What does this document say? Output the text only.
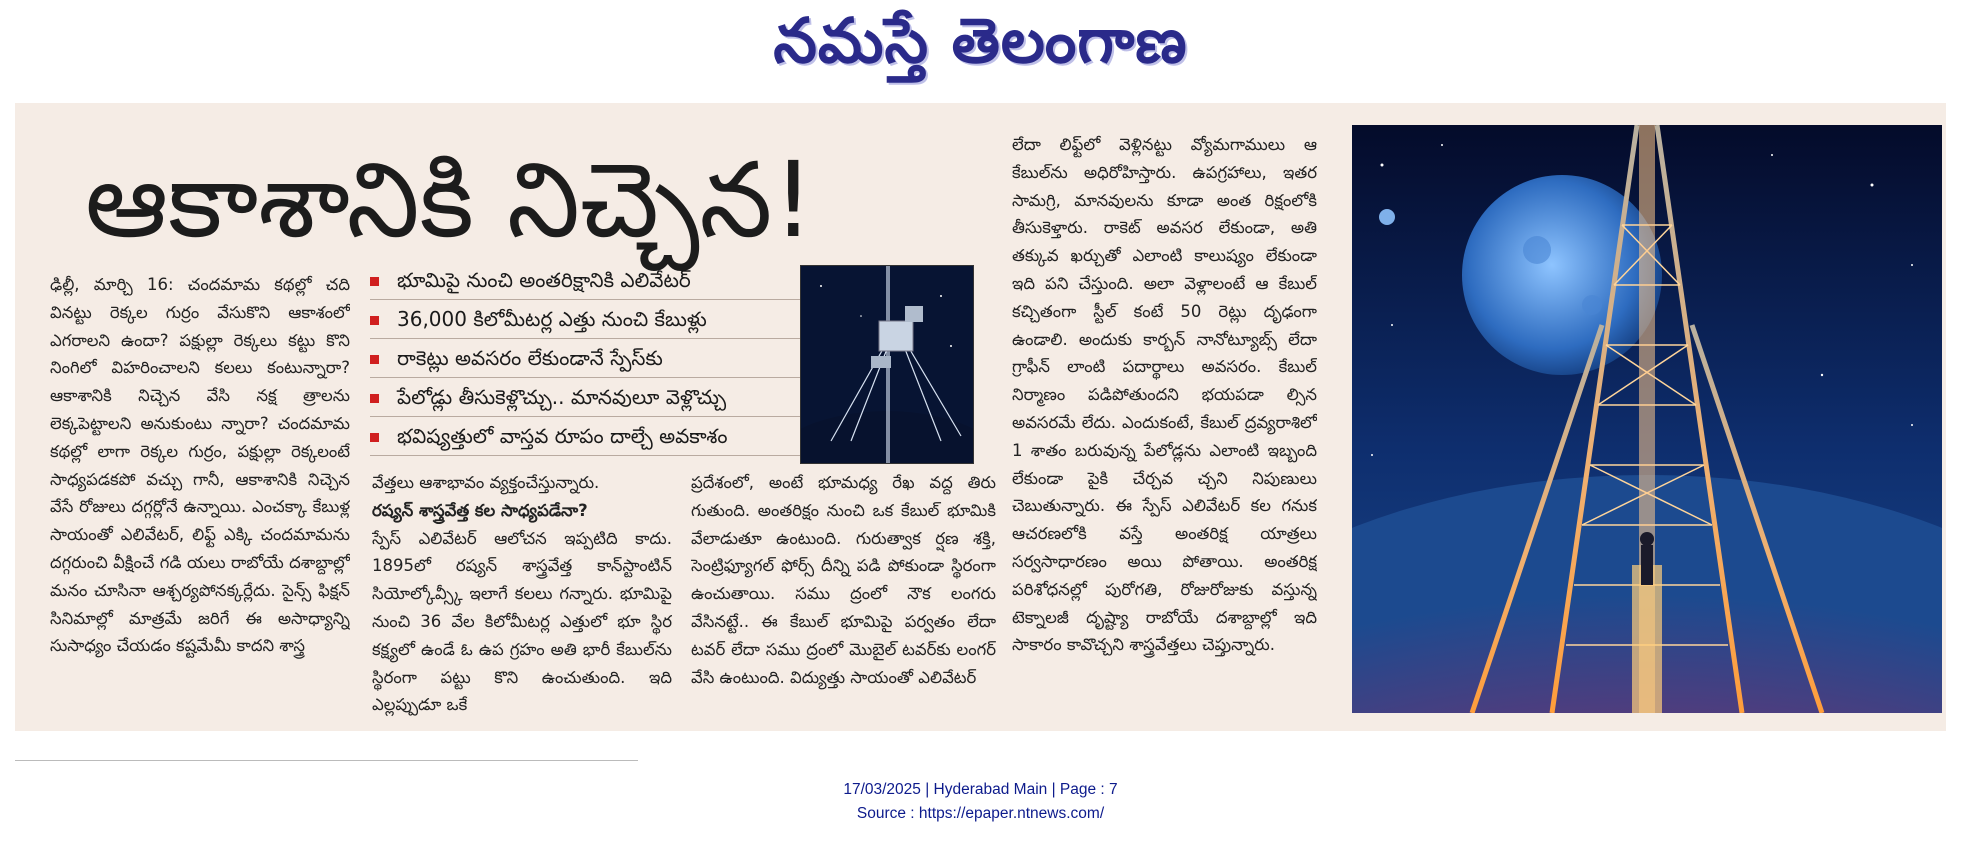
నమస్తే తెలంగాణ
ఆకాశానికి నిచ్చెన!
భూమిపై నుంచి అంతరిక్షానికి ఎలివేటర్
36,000 కిలోమీటర్ల ఎత్తు నుంచి కేబుళ్లు
రాకెట్లు అవసరం లేకుండానే స్పేస్‌కు
పేలోడ్లు తీసుకెళ్లొచ్చు.. మానవులూ వెళ్లొచ్చు
భవిష్యత్తులో వాస్తవ రూపం దాల్చే అవకాశం

ఢిల్లీ, మార్చి 16: చందమామ కథల్లో చది వినట్టు రెక్కల గుర్రం వేసుకొని ఆకాశంలో ఎగరాలని ఉందా? పక్షుల్లా రెక్కలు కట్టు కొని నింగిలో విహరించాలని కలలు కంటున్నారా? ఆకాశానికి నిచ్చెన వేసి నక్ష త్రాలను లెక్కపెట్టాలని అనుకుంటు న్నారా? చందమామ కథల్లో లాగా రెక్కల గుర్రం, పక్షుల్లా రెక్కలంటే సాధ్యపడకపో వచ్చు గానీ, ఆకాశానికి నిచ్చెన వేసే రోజులు దగ్గర్లోనే ఉన్నాయి. ఎంచక్కా కేబుళ్ల సాయంతో ఎలివేటర్, లిఫ్ట్ ఎక్కి చందమామను దగ్గరుంచి వీక్షించే గడి యలు రాబోయే దశాబ్దాల్లో మనం చూసినా ఆశ్చర్యపోనక్కర్లేదు. సైన్స్ ఫిక్షన్ సినిమాల్లో మాత్రమే జరిగే ఈ అసాధ్యాన్ని సుసాధ్యం చేయడం కష్టమేమీ కాదని శాస్త్ర

వేత్తలు ఆశాభావం వ్యక్తంచేస్తున్నారు.

రష్యన్ శాస్త్రవేత్త కల సాధ్యపడేనా?

స్పేస్ ఎలివేటర్ ఆలోచన ఇప్పటిది కాదు. 1895లో రష్యన్ శాస్త్రవేత్త కాన్‌స్టాంటిన్ సియోల్కోవ్స్కీ ఇలాగే కలలు గన్నారు. భూమిపై నుంచి 36 వేల కిలోమీటర్ల ఎత్తులో భూ స్థిర కక్ష్యలో ఉండే ఓ ఉప గ్రహం అతి భారీ కేబుల్‌ను స్థిరంగా పట్టు కొని ఉంచుతుంది. ఇది ఎల్లప్పుడూ ఒకే

ప్రదేశంలో, అంటే భూమధ్య రేఖ వద్ద తిరు గుతుంది. అంతరిక్షం నుంచి ఒక కేబుల్ భూమికి వేలాడుతూ ఉంటుంది. గురుత్వాక ర్షణ శక్తి, సెంట్రిఫ్యూగల్ ఫోర్స్ దీన్ని పడి పోకుండా స్థిరంగా ఉంచుతాయి. సము ద్రంలో నౌక లంగరు వేసినట్టే.. ఈ కేబుల్ భూమిపై పర్వతం లేదా టవర్ లేదా సము ద్రంలో మొబైల్ టవర్‌కు లంగర్ వేసి ఉంటుంది. విద్యుత్తు సాయంతో ఎలివేటర్

లేదా లిఫ్ట్‌లో వెళ్లినట్టు వ్యోమగాములు ఆ కేబుల్‌ను అధిరోహిస్తారు. ఉపగ్రహాలు, ఇతర సామగ్రి, మానవులను కూడా అంత రిక్షంలోకి తీసుకెళ్తారు. రాకెట్ అవసర లేకుండా, అతి తక్కువ ఖర్చుతో ఎలాంటి కాలుష్యం లేకుండా ఇది పని చేస్తుంది. అలా వెళ్లాలంటే ఆ కేబుల్ కచ్చితంగా స్టీల్ కంటే 50 రెట్లు దృఢంగా ఉండాలి. అందుకు కార్బన్ నానోట్యూబ్స్ లేదా గ్రాఫీన్ లాంటి పదార్థాలు అవసరం. కేబుల్ నిర్మాణం పడిపోతుందని భయపడా ల్సిన అవసరమే లేదు. ఎందుకంటే, కేబుల్ ద్రవ్యరాశిలో 1 శాతం బరువున్న పేలోడ్లను ఎలాంటి ఇబ్బంది లేకుండా పైకి చేర్చవ చ్చని నిపుణులు చెబుతున్నారు. ఈ స్పేస్ ఎలివేటర్ కల గనుక ఆచరణలోకి వస్తే అంతరిక్ష యాత్రలు సర్వసాధారణం అయి పోతాయి. అంతరిక్ష పరిశోధనల్లో పురోగతి, రోజురోజుకు వస్తున్న టెక్నాలజీ దృష్ట్యా రాబోయే దశాబ్దాల్లో ఇది సాకారం కావొచ్చని శాస్త్రవేత్తలు చెప్తున్నారు.

17/03/2025 | Hyderabad Main | Page : 7
Source : https://epaper.ntnews.com/
